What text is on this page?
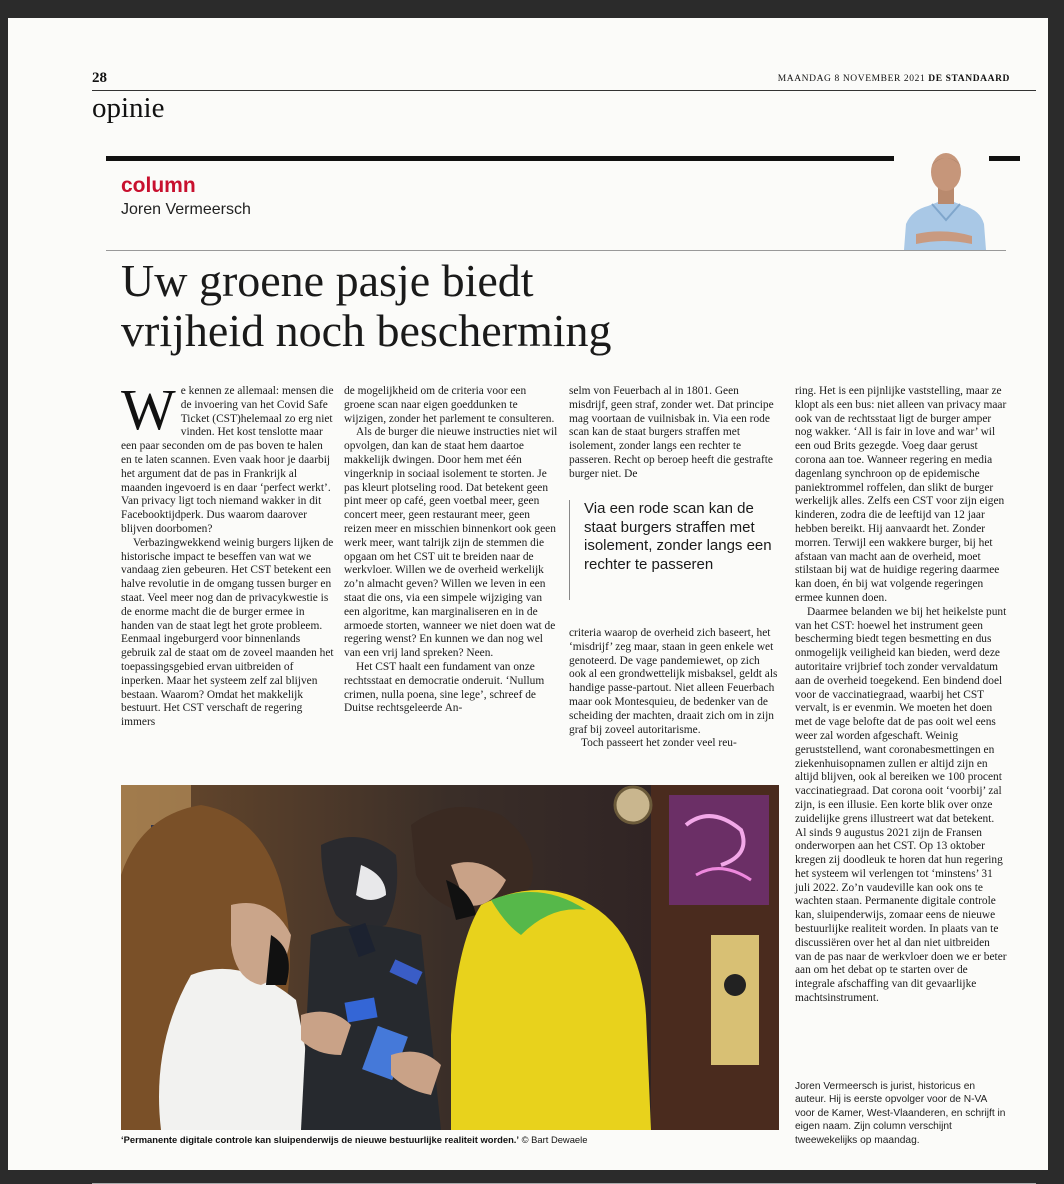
28	MAANDAG 8 NOVEMBER 2021 DE STANDAARD
opinie
column
Joren Vermeersch
Uw groene pasje biedt
vrijheid noch bescherming

We kennen ze allemaal: mensen die de invoering van het Covid Safe Ticket (CST)helemaal zo erg niet vinden. Het kost tenslotte maar een paar seconden om de pas boven te halen en te laten scannen. Even vaak hoor je daarbij het argument dat de pas in Frankrijk al maanden ingevoerd is en daar ‘perfect werkt’. Van privacy ligt toch niemand wakker in dit Facebooktijdperk. Dus waarom daarover blijven doorbomen?

Verbazingwekkend weinig burgers lijken de historische impact te beseffen van wat we vandaag zien gebeuren. Het CST betekent een halve revolutie in de omgang tussen burger en staat. Veel meer nog dan de privacykwestie is de enorme macht die de burger ermee in handen van de staat legt het grote probleem. Eenmaal ingeburgerd voor binnenlands gebruik zal de staat om de zoveel maanden het toepassingsgebied ervan uitbreiden of inperken. Maar het systeem zelf zal blijven bestaan. Waarom? Omdat het makkelijk bestuurt. Het CST verschaft de regering immers

de mogelijkheid om de criteria voor een groene scan naar eigen goeddunken te wijzigen, zonder het parlement te consulteren.

Als de burger die nieuwe instructies niet wil opvolgen, dan kan de staat hem daartoe makkelijk dwingen. Door hem met één vingerknip in sociaal isolement te storten. Je pas kleurt plotseling rood. Dat betekent geen pint meer op café, geen voetbal meer, geen concert meer, geen restaurant meer, geen reizen meer en misschien binnenkort ook geen werk meer, want talrijk zijn de stemmen die opgaan om het CST uit te breiden naar de werkvloer. Willen we de overheid werkelijk zo’n almacht geven? Willen we leven in een staat die ons, via een simpele wijziging van een algoritme, kan marginaliseren en in de armoede storten, wanneer we niet doen wat de regering wenst? En kunnen we dan nog wel van een vrij land spreken? Neen.

Het CST haalt een fundament van onze rechtsstaat en democratie onderuit. ‘Nullum crimen, nulla poena, sine lege’, schreef de Duitse rechtsgeleerde An-

selm von Feuerbach al in 1801. Geen misdrijf, geen straf, zonder wet. Dat principe mag voortaan de vuilnisbak in. Via een rode scan kan de staat burgers straffen met isolement, zonder langs een rechter te passeren. Recht op beroep heeft die gestrafte burger niet. De

Via een rode scan kan de staat burgers straffen met isolement, zonder langs een rechter te passeren

criteria waarop de overheid zich baseert, het ‘misdrijf’ zeg maar, staan in geen enkele wet genoteerd. De vage pandemiewet, op zich ook al een grondwettelijk misbaksel, geldt als handige passe-partout. Niet alleen Feuerbach maar ook Montesquieu, de bedenker van de scheiding der machten, draait zich om in zijn graf bij zoveel autoritarisme.

Toch passeert het zonder veel reu-

ring. Het is een pijnlijke vaststelling, maar ze klopt als een bus: niet alleen van privacy maar ook van de rechtsstaat ligt de burger amper nog wakker. ‘All is fair in love and war’ wil een oud Brits gezegde. Voeg daar gerust corona aan toe. Wanneer regering en media dagenlang synchroon op de epidemische paniektrommel roffelen, dan slikt de burger werkelijk alles. Zelfs een CST voor zijn eigen kinderen, zodra die de leeftijd van 12 jaar hebben bereikt. Hij aanvaardt het. Zonder morren. Terwijl een wakkere burger, bij het afstaan van macht aan de overheid, moet stilstaan bij wat de huidige regering daarmee kan doen, én bij wat volgende regeringen ermee kunnen doen.

Daarmee belanden we bij het heikelste punt van het CST: hoewel het instrument geen bescherming biedt tegen besmetting en dus onmogelijk veiligheid kan bieden, werd deze autoritaire vrijbrief toch zonder vervaldatum aan de overheid toegekend. Een bindend doel voor de vaccinatiegraad, waarbij het CST vervalt, is er evenmin. We moeten het doen met de vage belofte dat de pas ooit wel eens weer zal worden afgeschaft. Weinig geruststellend, want coronabesmettingen en ziekenhuisopnamen zullen er altijd zijn en altijd blijven, ook al bereiken we 100 procent vaccinatiegraad. Dat corona ooit ‘voorbij’ zal zijn, is een illusie. Een korte blik over onze zuidelijke grens illustreert wat dat betekent. Al sinds 9 augustus 2021 zijn de Fransen onderworpen aan het CST. Op 13 oktober kregen zij doodleuk te horen dat hun regering het systeem wil verlengen tot ‘minstens’ 31 juli 2022. Zo’n vaudeville kan ook ons te wachten staan. Permanente digitale controle kan, sluipenderwijs, zomaar eens de nieuwe bestuurlijke realiteit worden. In plaats van te discussiëren over het al dan niet uitbreiden van de pas naar de werkvloer doen we er beter aan om het debat op te starten over de integrale afschaffing van dit gevaarlijke machtsinstrument.

‘Permanente digitale controle kan sluipenderwijs de nieuwe bestuurlijke realiteit worden.’ © Bart Dewaele
Joren Vermeersch is jurist, historicus en auteur. Hij is eerste opvolger voor de N-VA voor de Kamer, West-Vlaanderen, en schrijft in eigen naam. Zijn column verschijnt tweewekelijks op maandag.
